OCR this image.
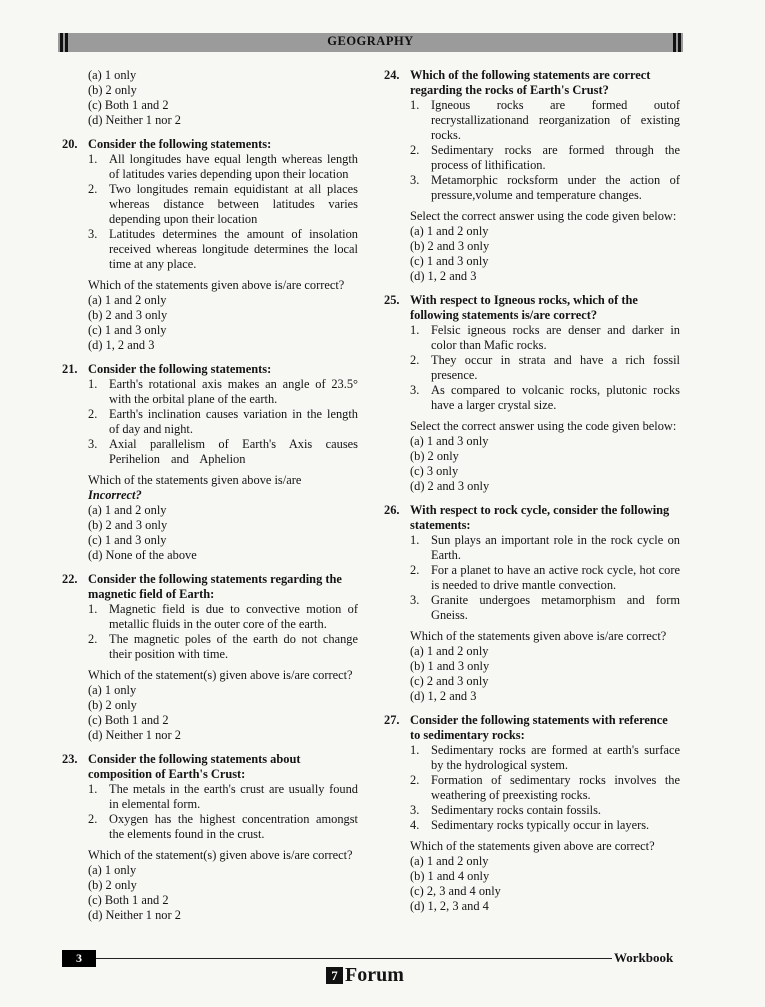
GEOGRAPHY
(a) 1 only
(b) 2 only
(c) Both 1 and 2
(d) Neither 1 nor 2
20. Consider the following statements:
1. All longitudes have equal length whereas length of latitudes varies depending upon their location
2. Two longitudes remain equidistant at all places whereas distance between latitudes varies depending upon their location
3. Latitudes determines the amount of insolation received whereas longitude determines the local time at any place.
Which of the statements given above is/are correct?
(a) 1 and 2 only
(b) 2 and 3 only
(c) 1 and 3 only
(d) 1, 2 and 3
21. Consider the following statements:
1. Earth's rotational axis makes an angle of 23.5° with the orbital plane of the earth.
2. Earth's inclination causes variation in the length of day and night.
3. Axial parallelism of Earth's Axis causes Perihelion and Aphelion
Which of the statements given above is/are Incorrect?
(a) 1 and 2 only
(b) 2 and 3 only
(c) 1 and 3 only
(d) None of the above
22. Consider the following statements regarding the magnetic field of Earth:
1. Magnetic field is due to convective motion of metallic fluids in the outer core of the earth.
2. The magnetic poles of the earth do not change their position with time.
Which of the statement(s) given above is/are correct?
(a) 1 only
(b) 2 only
(c) Both 1 and 2
(d) Neither 1 nor 2
23. Consider the following statements about composition of Earth's Crust:
1. The metals in the earth's crust are usually found in elemental form.
2. Oxygen has the highest concentration amongst the elements found in the crust.
Which of the statement(s) given above is/are correct?
(a) 1 only
(b) 2 only
(c) Both 1 and 2
(d) Neither 1 nor 2
24. Which of the following statements are correct regarding the rocks of Earth's Crust?
1. Igneous rocks are formed outof recrystallizationand reorganization of existing rocks.
2. Sedimentary rocks are formed through the process of lithification.
3. Metamorphic rocksform under the action of pressure,volume and temperature changes.
Select the correct answer using the code given below:
(a) 1 and 2 only
(b) 2 and 3 only
(c) 1 and 3 only
(d) 1, 2 and 3
25. With respect to Igneous rocks, which of the following statements is/are correct?
1. Felsic igneous rocks are denser and darker in color than Mafic rocks.
2. They occur in strata and have a rich fossil presence.
3. As compared to volcanic rocks, plutonic rocks have a larger crystal size.
Select the correct answer using the code given below:
(a) 1 and 3 only
(b) 2 only
(c) 3 only
(d) 2 and 3 only
26. With respect to rock cycle, consider the following statements:
1. Sun plays an important role in the rock cycle on Earth.
2. For a planet to have an active rock cycle, hot core is needed to drive mantle convection.
3. Granite undergoes metamorphism and form Gneiss.
Which of the statements given above is/are correct?
(a) 1 and 2 only
(b) 1 and 3 only
(c) 2 and 3 only
(d) 1, 2 and 3
27. Consider the following statements with reference to sedimentary rocks:
1. Sedimentary rocks are formed at earth's surface by the hydrological system.
2. Formation of sedimentary rocks involves the weathering of preexisting rocks.
3. Sedimentary rocks contain fossils.
4. Sedimentary rocks typically occur in layers.
Which of the statements given above are correct?
(a) 1 and 2 only
(b) 1 and 4 only
(c) 2, 3 and 4 only
(d) 1, 2, 3 and 4
3	Workbook
7 Forum
